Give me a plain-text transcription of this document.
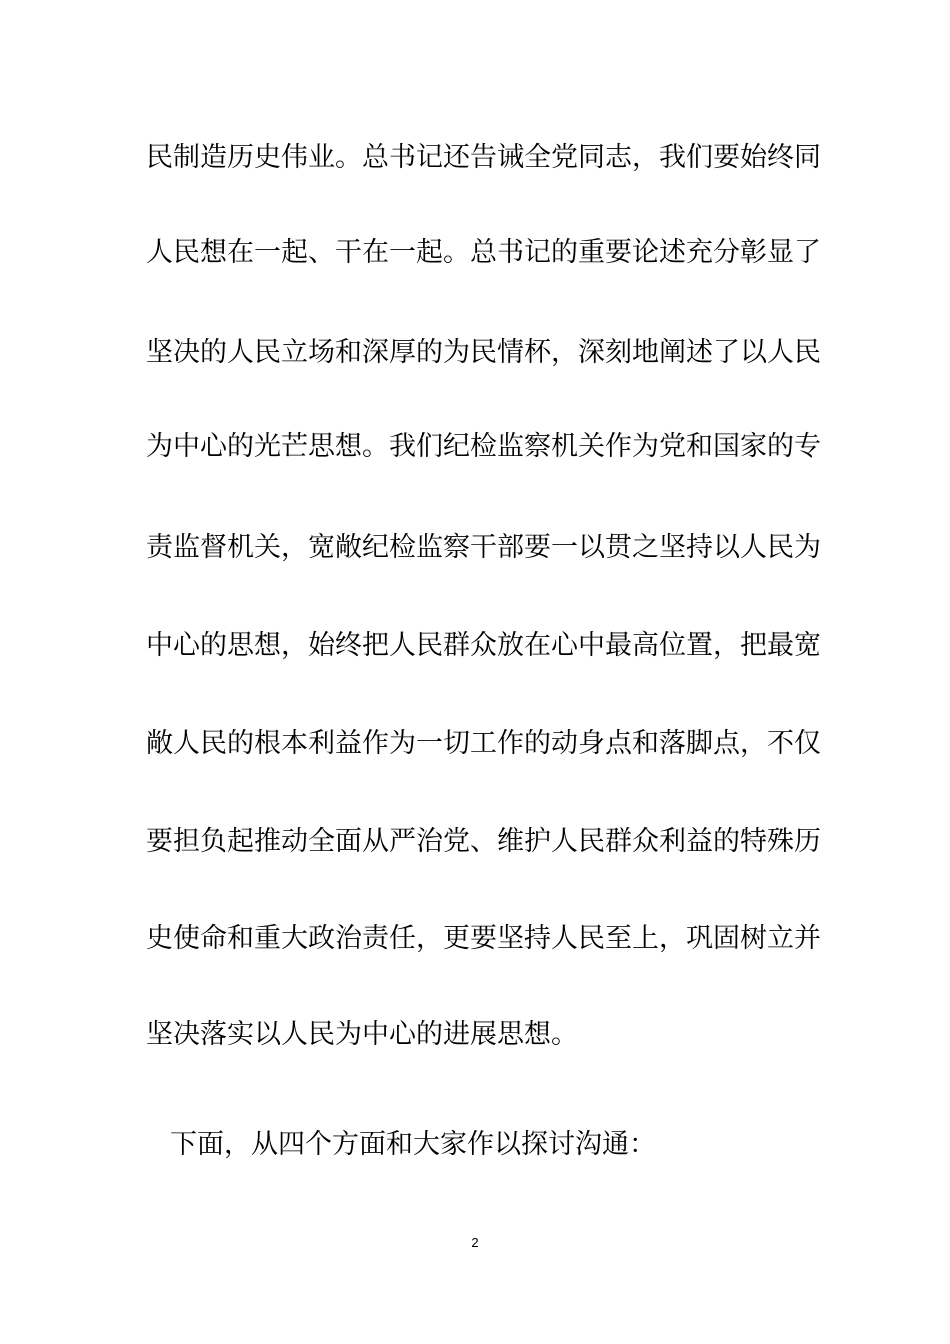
民制造历史伟业。总书记还告诫全党同志，我们要始终同
人民想在一起、干在一起。总书记的重要论述充分彰显了
坚决的人民立场和深厚的为民情杯，深刻地阐述了以人民
为中心的光芒思想。我们纪检监察机关作为党和国家的专
责监督机关，宽敞纪检监察干部要一以贯之坚持以人民为
中心的思想，始终把人民群众放在心中最高位置，把最宽
敞人民的根本利益作为一切工作的动身点和落脚点，不仅
要担负起推动全面从严治党、维护人民群众利益的特殊历
史使命和重大政治责任，更要坚持人民至上，巩固树立并
坚决落实以人民为中心的进展思想。
下面，从四个方面和大家作以探讨沟通：
2
